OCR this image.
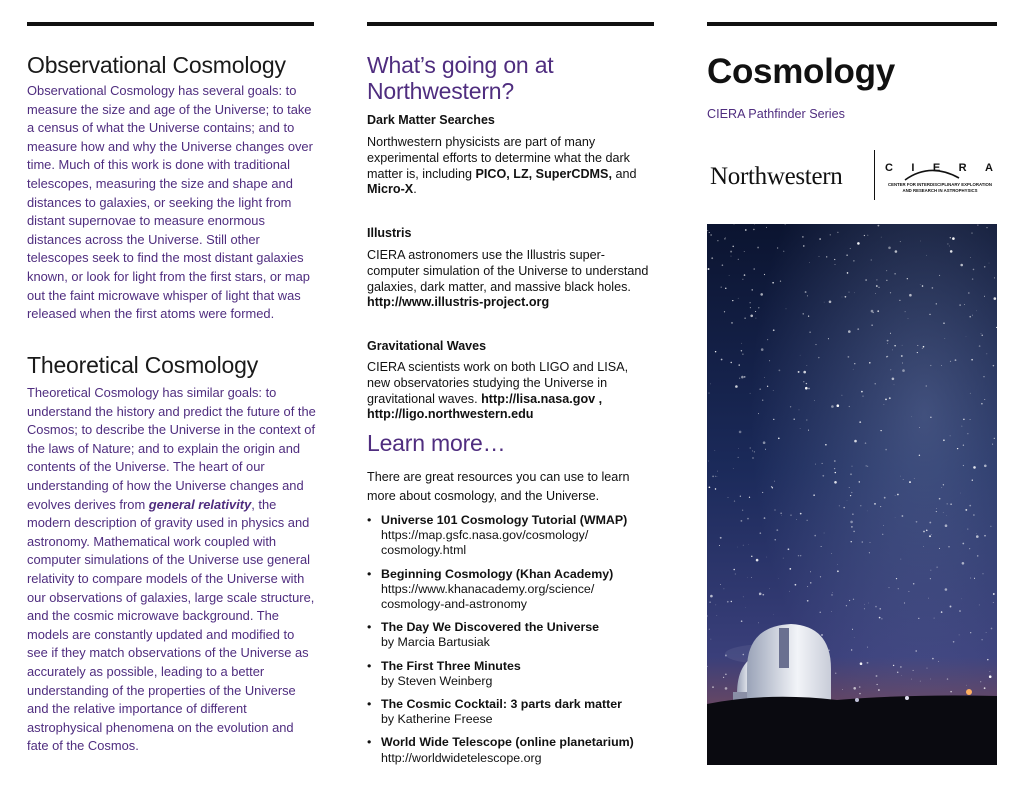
Observational Cosmology

Observational Cosmology has several goals: to measure the size and age of the Universe; to take a census of what the Universe contains; and to measure how and why the Universe changes over time. Much of this work is done with traditional telescopes, measuring the size and shape and distances to galaxies, or seeking the light from distant supernovae to measure enormous distances across the Universe. Still other telescopes seek to find the most distant galaxies known, or look for light from the first stars, or map out the faint microwave whisper of light that was released when the first atoms were formed.

Theoretical Cosmology

Theoretical Cosmology has similar goals: to understand the history and predict the future of the Cosmos; to describe the Universe in the context of the laws of Nature; and to explain the origin and contents of the Universe. The heart of our understanding of how the Universe changes and evolves derives from general relativity, the modern description of gravity used in physics and astronomy. Mathematical work coupled with computer simulations of the Universe use general relativity to compare models of the Universe with our observations of galaxies, large scale structure, and the cosmic microwave background. The models are constantly updated and modified to see if they match observations of the Universe as accurately as possible, leading to a better understanding of the properties of the Universe and the relative importance of different astrophysical phenomena on the evolution and fate of the Cosmos.

What’s going on at
Northwestern?
Dark Matter Searches

Northwestern physicists are part of many experimental efforts to determine what the dark matter is, including PICO, LZ, SuperCDMS, and Micro-X.

Illustris

CIERA astronomers use the Illustris super-computer simulation of the Universe to understand galaxies, dark matter, and massive black holes. http://www.illustris-project.org

Gravitational Waves

CIERA scientists work on both LIGO and LISA, new observatories studying the Universe in gravitational waves. http://lisa.nasa.gov ,
http://ligo.northwestern.edu

Learn more…

There are great resources you can use to learn more about cosmology, and the Universe.

• Universe 101 Cosmology Tutorial (WMAP)
https://map.gsfc.nasa.gov/cosmology/ cosmology.html
• Beginning Cosmology (Khan Academy)
https://www.khanacademy.org/science/ cosmology-and-astronomy
• The Day We Discovered the Universe
by Marcia Bartusiak
• The First Three Minutes
by Steven Weinberg
• The Cosmic Cocktail: 3 parts dark matter
by Katherine Freese
• World Wide Telescope (online planetarium)
http://worldwidetelescope.org
Cosmology

CIERA Pathfinder Series

Northwestern	C I E R A
CENTER FOR INTERDISCIPLINARY EXPLORATION
AND RESEARCH IN ASTROPHYSICS
